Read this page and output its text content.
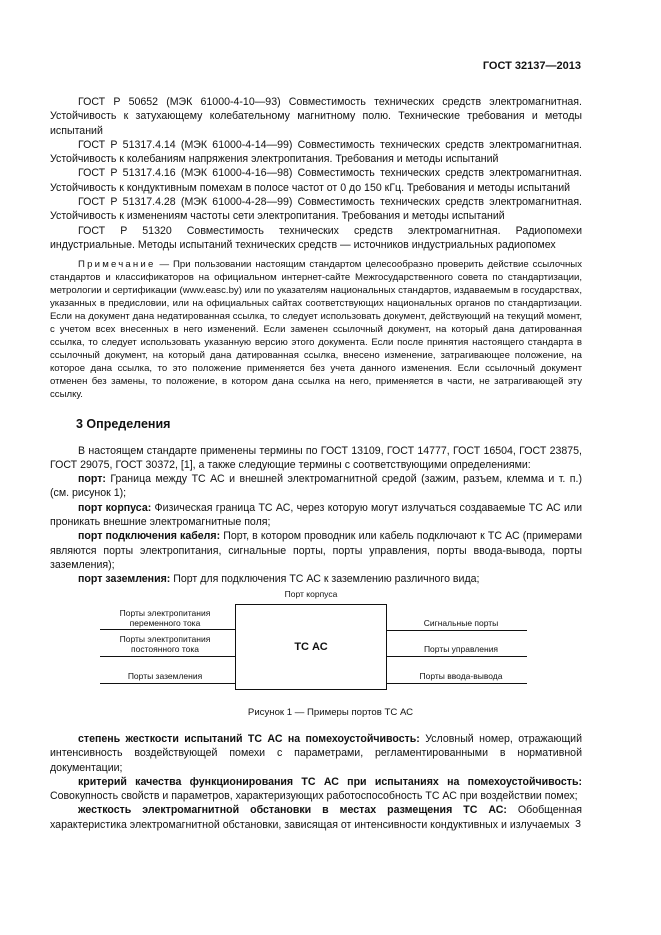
ГОСТ 32137—2013

ГОСТ Р 50652 (МЭК 61000-4-10—93) Совместимость технических средств электромагнитная. Устойчивость к затухающему колебательному магнитному полю. Технические требования и методы испытаний

ГОСТ Р 51317.4.14 (МЭК 61000-4-14—99) Совместимость технических средств электромагнитная. Устойчивость к колебаниям напряжения электропитания. Требования и методы испытаний

ГОСТ Р 51317.4.16 (МЭК 61000-4-16—98) Совместимость технических средств электромагнитная. Устойчивость к кондуктивным помехам в полосе частот от 0 до 150 кГц. Требования и методы испытаний

ГОСТ Р 51317.4.28 (МЭК 61000-4-28—99) Совместимость технических средств электромагнитная. Устойчивость к изменениям частоты сети электропитания. Требования и методы испытаний

ГОСТ Р 51320 Совместимость технических средств электромагнитная. Радиопомехи индустриальные. Методы испытаний технических средств — источников индустриальных радиопомех

Примечание — При пользовании настоящим стандартом целесообразно проверить действие ссылочных стандартов и классификаторов на официальном интернет-сайте Межгосударственного совета по стандартизации, метрологии и сертификации (www.easc.by) или по указателям национальных стандартов, издаваемым в государствах, указанных в предисловии, или на официальных сайтах соответствующих национальных органов по стандартизации. Если на документ дана недатированная ссылка, то следует использовать документ, действующий на текущий момент, с учетом всех внесенных в него изменений. Если заменен ссылочный документ, на который дана датированная ссылка, то следует использовать указанную версию этого документа. Если после принятия настоящего стандарта в ссылочный документ, на который дана датированная ссылка, внесено изменение, затрагивающее положение, на которое дана ссылка, то это положение применяется без учета данного изменения. Если ссылочный документ отменен без замены, то положение, в котором дана ссылка на него, применяется в части, не затрагивающей эту ссылку.

3 Определения

В настоящем стандарте применены термины по ГОСТ 13109, ГОСТ 14777, ГОСТ 16504, ГОСТ 23875, ГОСТ 29075, ГОСТ 30372, [1], а также следующие термины с соответствующими определениями:

порт: Граница между ТС АС и внешней электромагнитной средой (зажим, разъем, клемма и т. п.) (см. рисунок 1);

порт корпуса: Физическая граница ТС АС, через которую могут излучаться создаваемые ТС АС или проникать внешние электромагнитные поля;

порт подключения кабеля: Порт, в котором проводник или кабель подключают к ТС АС (примерами являются порты электропитания, сигнальные порты, порты управления, порты ввода-вывода, порты заземления);

порт заземления: Порт для подключения ТС АС к заземлению различного вида;

Порт корпуса
ТС АС
Порты электропитания переменного тока
Порты электропитания постоянного тока
Порты заземления
Сигнальные порты
Порты управления
Порты ввода-вывода
Рисунок 1 — Примеры портов ТС АС

степень жесткости испытаний ТС АС на помехоустойчивость: Условный номер, отражающий интенсивность воздействующей помехи с параметрами, регламентированными в нормативной документации;

критерий качества функционирования ТС АС при испытаниях на помехоустойчивость: Совокупность свойств и параметров, характеризующих работоспособность ТС АС при воздействии помех;

жесткость электромагнитной обстановки в местах размещения ТС АС: Обобщенная характеристика электромагнитной обстановки, зависящая от интенсивности кондуктивных и излучаемых 3
